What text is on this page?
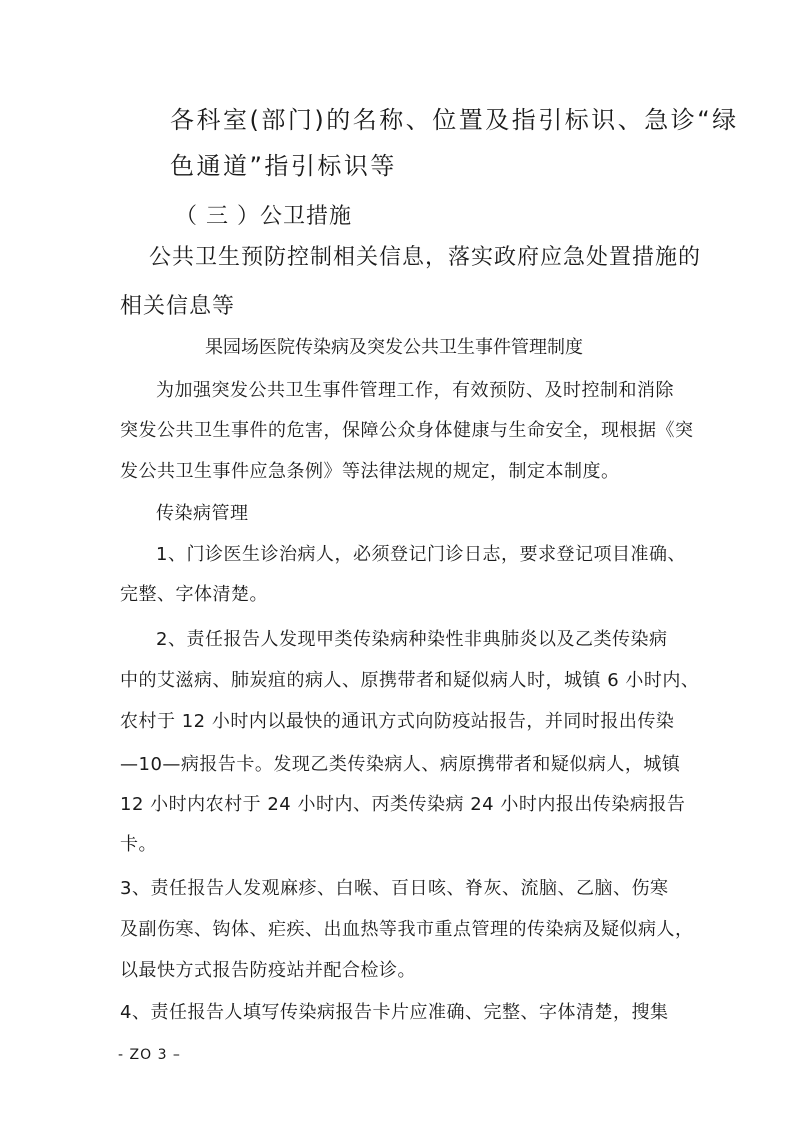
各科室(部门)的名称、位置及指引标识、急诊“绿
色通道”指引标识等
（ 三 ）公卫措施
公共卫生预防控制相关信息，落实政府应急处置措施的
相关信息等
果园场医院传染病及突发公共卫生事件管理制度
为加强突发公共卫生事件管理工作，有效预防、及时控制和消除
突发公共卫生事件的危害，保障公众身体健康与生命安全，现根据《突
发公共卫生事件应急条例》等法律法规的规定，制定本制度。
传染病管理
1、门诊医生诊治病人，必须登记门诊日志，要求登记项目准确、
完整、字体清楚。
2、责任报告人发现甲类传染病种染性非典肺炎以及乙类传染病
中的艾滋病、肺炭疽的病人、原携带者和疑似病人时，城镇 6 小时内、
农村于 12 小时内以最快的通讯方式向防疫站报告，并同时报出传染
—10—病报告卡。发现乙类传染病人、病原携带者和疑似病人，城镇
12 小时内农村于 24 小时内、丙类传染病 24 小时内报出传染病报告
卡。
3、责任报告人发观麻疹、白喉、百日咳、脊灰、流脑、乙脑、伤寒
及副伤寒、钩体、疟疾、出血热等我市重点管理的传染病及疑似病人，
以最快方式报告防疫站并配合检诊。
4、责任报告人填写传染病报告卡片应准确、完整、字体清楚，搜集
- ZO 3 –
